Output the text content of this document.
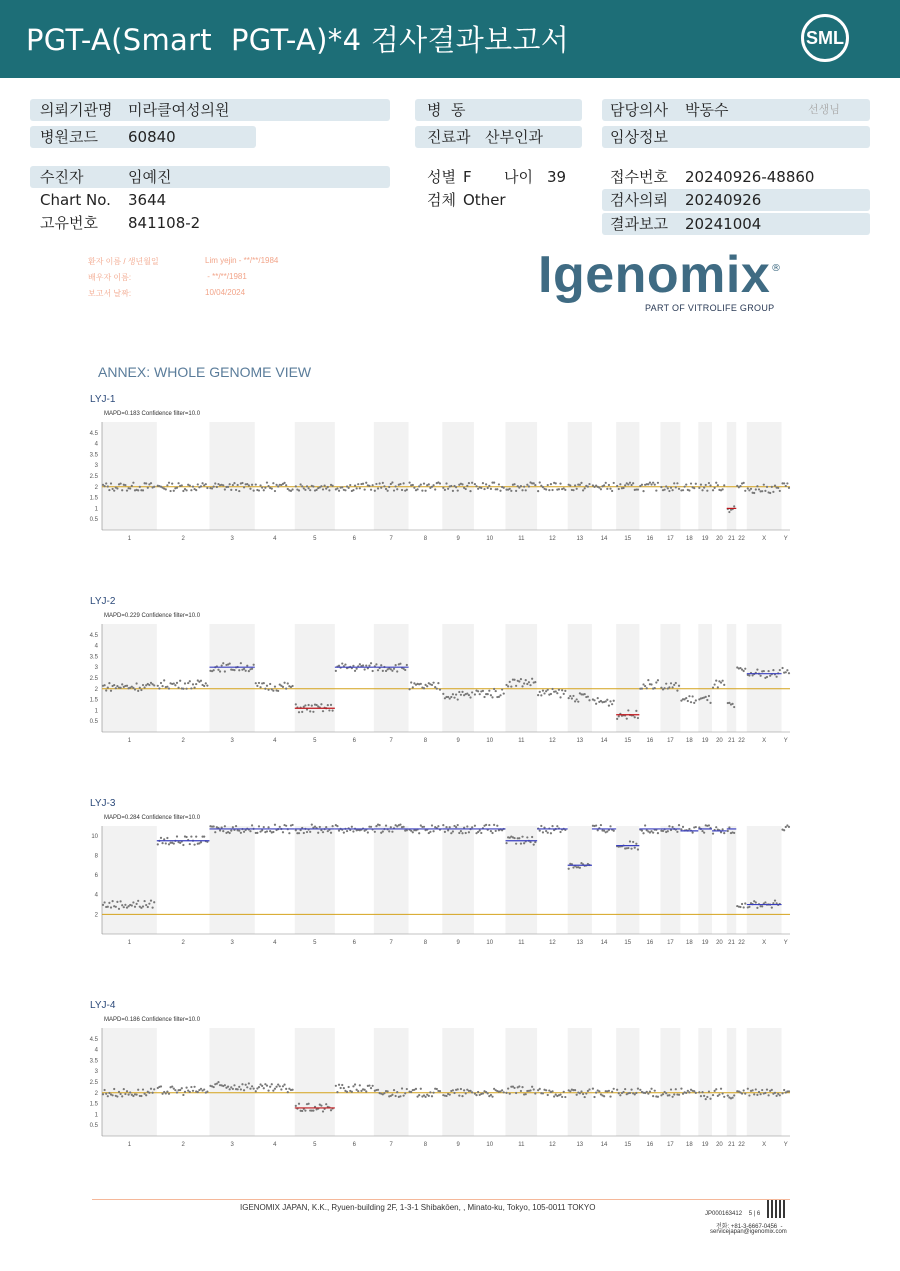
PGT-A(Smart  PGT-A)*4 검사결과보고서	SML
의뢰기관명 미라클여성의원
병원코드 60840
수진자	임예진
Chart No. 3644
고유번호 841108-2
병  동
진료과 산부인과
성별 F 나이 39
검체 Other
담당의사 박동수	선생님
임상정보
접수번호 20240926-48860
검사의뢰 20240926
결과보고 20241004
환자 이름 / 생년월일	Lim yejin - **/**/1984
배우자 이름:	- **/**/1981
보고서 날짜:	10/04/2024	Igenomix ®
PART OF VITROLIFE GROUP
ANNEX: WHOLE GENOME VIEW
LYJ-1
MAPD=0.183 Confidence filter=10.0
4.5
4
3.5
3
2.5
2
1.5
1
0.5
1	2	3	4	5	6	7	8	9	10	11	12	13	14	15	16 17 18 19 20 21 22	X	Y
LYJ-2
MAPD=0.229 Confidence filter=10.0
4.5
4
3.5
3
2.5
2
1.5
1
0.5
1	2	3	4	5	6	7	8	9	10	11	12	13	14	15	16 17 18 19 20 21 22	X	Y
LYJ-3
MAPD=0.284 Confidence filter=10.0
10
8
6
4
2
1	2	3	4	5	6	7	8	9	10	11	12	13	14	15	16 17 18 19 20 21 22	X	Y
LYJ-4
MAPD=0.186 Confidence filter=10.0
4.5
4
3.5
3
2.5
2
1.5
1
0.5
1	2	3	4	5	6	7	8	9	10	11	12	13	14	15	16 17 18 19 20 21 22	X	Y
IGENOMIX JAPAN, K.K., Ryuen-building 2F, 1-3-1 Shibakōen, , Minato-ku, Tokyo, 105-0011 TOKYO
JP000163412    5 | 6
전화: +81-3-6667-0456  -
servicejapan@igenomix.com
